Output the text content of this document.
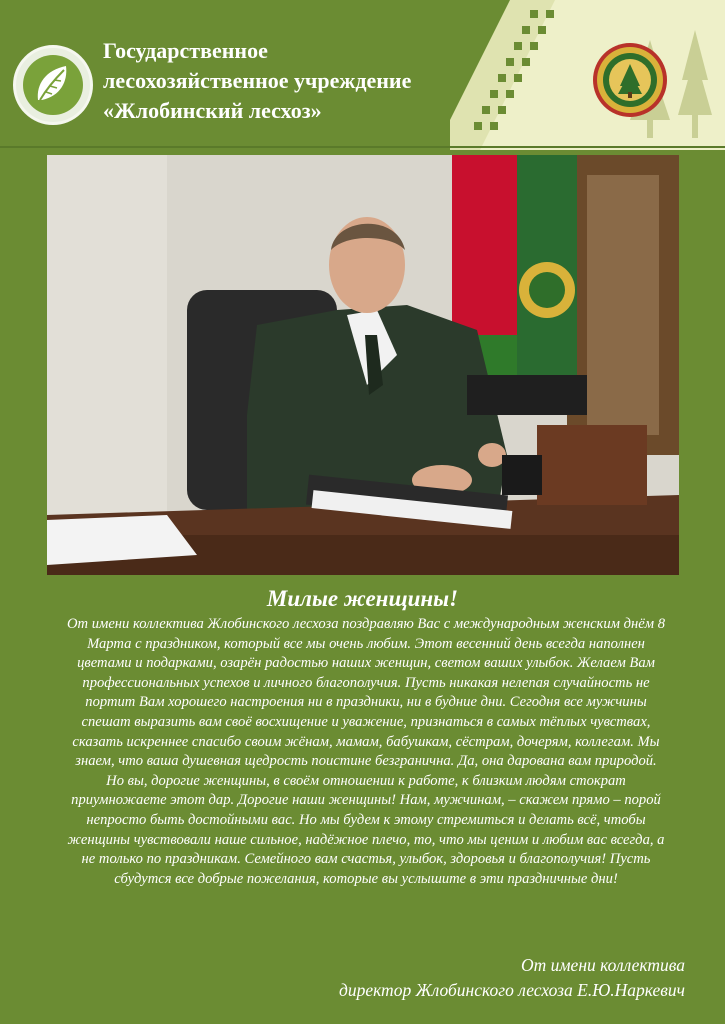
Государственное
лесохозяйственное учреждение
«Жлобинский лесхоз»
Милые женщины!

От имени коллектива Жлобинского лесхоза поздравляю Вас с международным женским днём 8 Марта с праздником, который все мы очень любим. Этот весенний день всегда наполнен цветами и подарками, озарён радостью наших женщин, светом ваших улыбок. Желаем Вам профессиональных успехов и личного благополучия. Пусть никакая нелепая случайность не портит Вам хорошего настроения ни в праздники, ни в будние дни. Сегодня все мужчины спешат выразить вам своё восхищение и уважение, признаться в самых тёплых чувствах, сказать искреннее спасибо своим жёнам, мамам, бабушкам, сёстрам, дочерям, коллегам. Мы знаем, что ваша душевная щедрость поистине безгранична. Да, она дарована вам природой. Но вы, дорогие женщины, в своём отношении к работе, к близким людям стократ приумножаете этот дар. Дорогие наши женщины! Нам, мужчинам, – скажем прямо – порой непросто быть достойными вас. Но мы будем к этому стремиться и делать всё, чтобы женщины чувствовали наше сильное, надёжное плечо, то, что мы ценим и любим вас всегда, а не только по праздникам. Семейного вам счастья, улыбок, здоровья и благополучия! Пусть сбудутся все добрые пожелания, которые вы услышите в эти праздничные дни!

От имени коллектива
директор Жлобинского лесхоза Е.Ю.Наркевич
